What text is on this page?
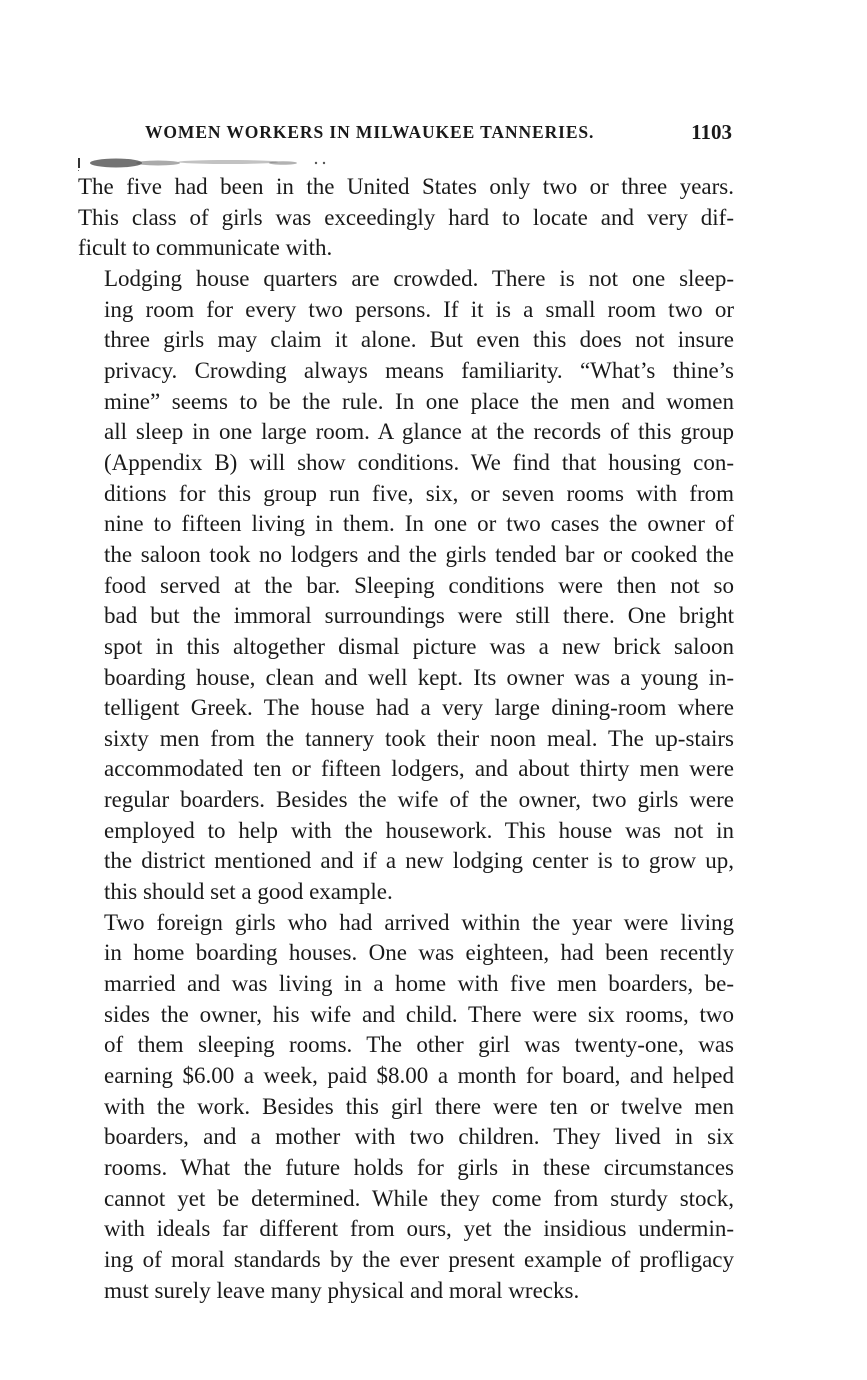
WOMEN WORKERS IN MILWAUKEE TANNERIES.	1103

The five had been in the United States only two or three years.
This class of girls was exceedingly hard to locate and very dif-
ficult to communicate with.

Lodging house quarters are crowded. There is not one sleep-
ing room for every two persons. If it is a small room two or
three girls may claim it alone. But even this does not insure
privacy. Crowding always means familiarity. “What’s thine’s
mine” seems to be the rule. In one place the men and women
all sleep in one large room. A glance at the records of this group
(Appendix B) will show conditions. We find that housing con-
ditions for this group run five, six, or seven rooms with from
nine to fifteen living in them. In one or two cases the owner of
the saloon took no lodgers and the girls tended bar or cooked the
food served at the bar. Sleeping conditions were then not so
bad but the immoral surroundings were still there. One bright
spot in this altogether dismal picture was a new brick saloon
boarding house, clean and well kept. Its owner was a young in-
telligent Greek. The house had a very large dining-room where
sixty men from the tannery took their noon meal. The up-stairs
accommodated ten or fifteen lodgers, and about thirty men were
regular boarders. Besides the wife of the owner, two girls were
employed to help with the housework. This house was not in
the district mentioned and if a new lodging center is to grow up,
this should set a good example.

Two foreign girls who had arrived within the year were living
in home boarding houses. One was eighteen, had been recently
married and was living in a home with five men boarders, be-
sides the owner, his wife and child. There were six rooms, two
of them sleeping rooms. The other girl was twenty-one, was
earning $6.00 a week, paid $8.00 a month for board, and helped
with the work. Besides this girl there were ten or twelve men
boarders, and a mother with two children. They lived in six
rooms. What the future holds for girls in these circumstances
cannot yet be determined. While they come from sturdy stock,
with ideals far different from ours, yet the insidious undermin-
ing of moral standards by the ever present example of profligacy
must surely leave many physical and moral wrecks.
